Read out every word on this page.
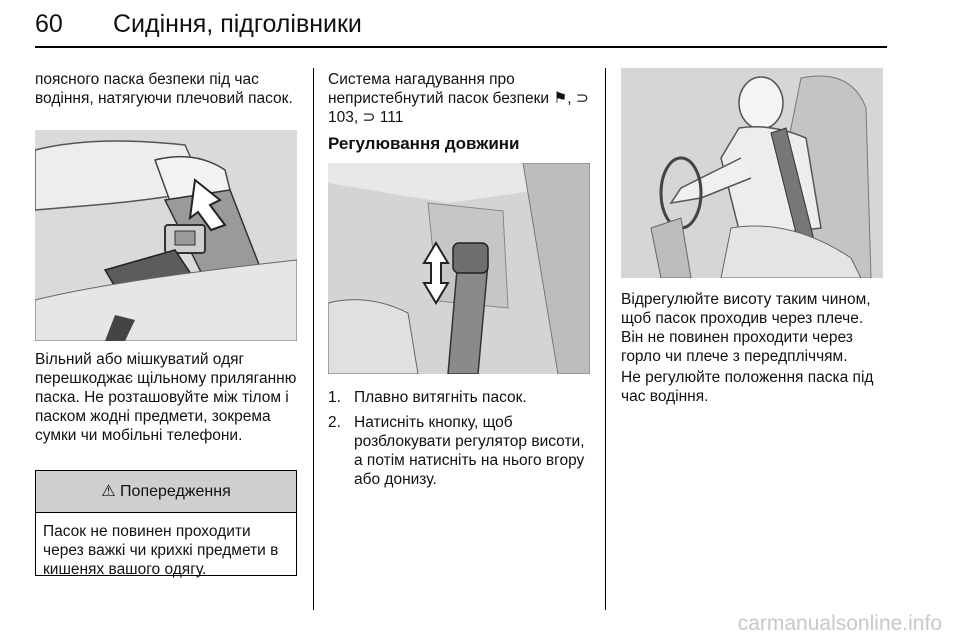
60 Сидіння, підголівники

поясного паска безпеки під час водіння, натягуючи плечовий пасок.

Вільний або мішкуватий одяг перешкоджає щільному приляганню паска. Не розташовуйте між тілом і паском жодні предмети, зокрема сумки чи мобільні телефони.

⚠ Попередження
Пасок не повинен проходити через важкі чи крихкі предмети в кишенях вашого одягу.

Система нагадування про непристебнутий пасок безпеки ⚑, ⊃ 103, ⊃ 111

Регулювання довжини
1. Плавно витягніть пасок.
2. Натисніть кнопку, щоб розблокувати регулятор висоти, а потім натисніть на нього вгору або донизу.

Відрегулюйте висоту таким чином, щоб пасок проходив через плече. Він не повинен проходити через горло чи плече з передпліччям.

Не регулюйте положення паска під час водіння.

carmanualsonline.info
